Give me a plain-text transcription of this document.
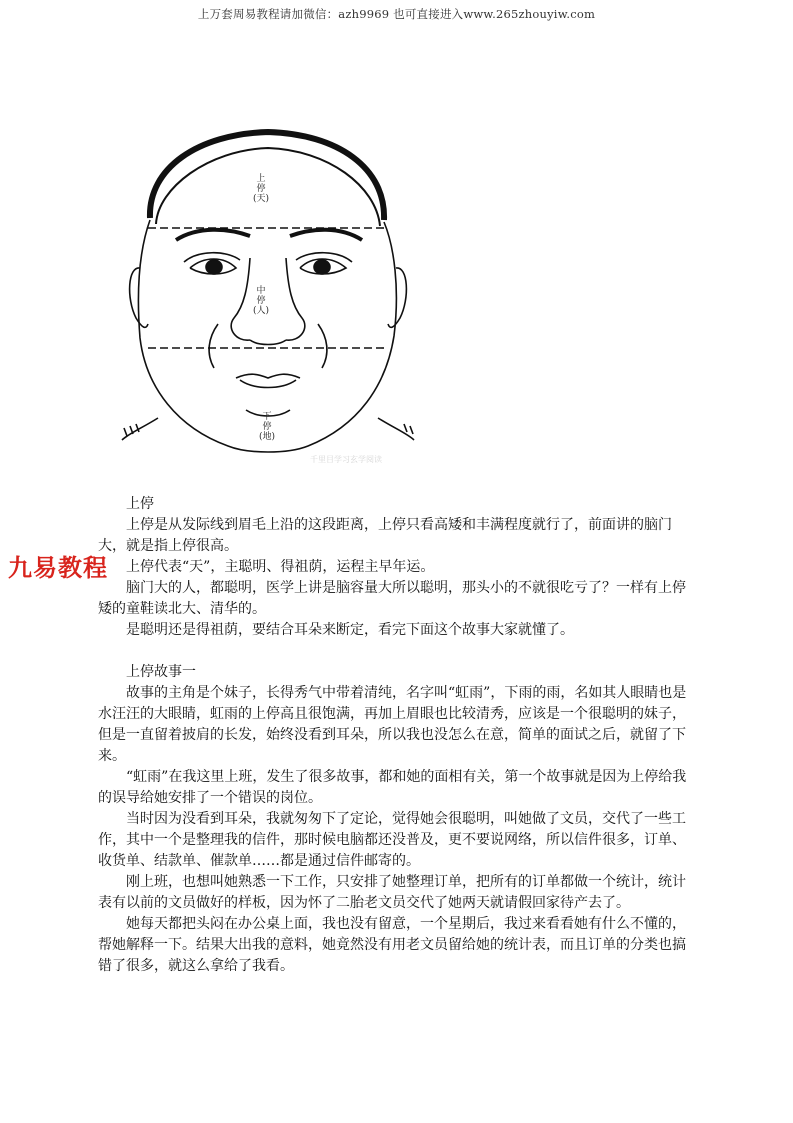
上万套周易教程请加微信：azh9969 也可直接进入www.265zhouyiw.com
上
停
(天)
中
停
(人)
下
停
(地)
千里目学习玄学阅读
九易教程

上停

上停是从发际线到眉毛上沿的这段距离，上停只看高矮和丰满程度就行了，前面讲的脑门大，就是指上停很高。

上停代表“天”，主聪明、得祖荫，运程主早年运。

脑门大的人，都聪明，医学上讲是脑容量大所以聪明，那头小的不就很吃亏了？一样有上停矮的童鞋读北大、清华的。

是聪明还是得祖荫，要结合耳朵来断定，看完下面这个故事大家就懂了。

上停故事一

故事的主角是个妹子，长得秀气中带着清纯，名字叫“虹雨”，下雨的雨，名如其人眼睛也是水汪汪的大眼睛，虹雨的上停高且很饱满，再加上眉眼也比较清秀，应该是一个很聪明的妹子，但是一直留着披肩的长发，始终没看到耳朵，所以我也没怎么在意，简单的面试之后，就留了下来。

“虹雨”在我这里上班，发生了很多故事，都和她的面相有关，第一个故事就是因为上停给我的误导给她安排了一个错误的岗位。

当时因为没看到耳朵，我就匆匆下了定论，觉得她会很聪明，叫她做了文员，交代了一些工作，其中一个是整理我的信件，那时候电脑都还没普及，更不要说网络，所以信件很多，订单、收货单、结款单、催款单……都是通过信件邮寄的。

刚上班，也想叫她熟悉一下工作，只安排了她整理订单，把所有的订单都做一个统计，统计表有以前的文员做好的样板，因为怀了二胎老文员交代了她两天就请假回家待产去了。

她每天都把头闷在办公桌上面，我也没有留意，一个星期后，我过来看看她有什么不懂的，帮她解释一下。结果大出我的意料，她竟然没有用老文员留给她的统计表，而且订单的分类也搞错了很多，就这么拿给了我看。
